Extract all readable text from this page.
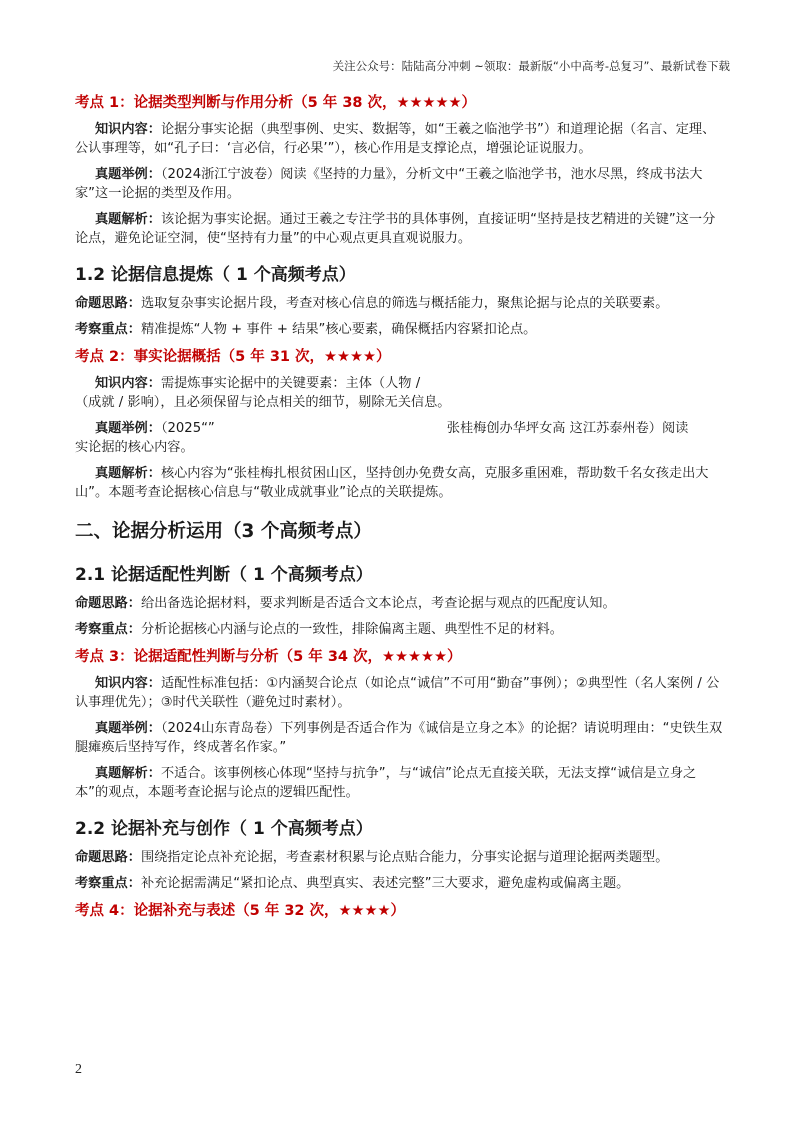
关注公众号：陆陆高分冲刺 ~领取：最新版“小中高考-总复习”、最新试卷下载

考点 1：论据类型判断与作用分析（5 年 38 次，★★★★★）

知识内容：论据分事实论据（典型事例、史实、数据等，如“王羲之临池学书”）和道理论据（名言、定理、公认事理等，如“孔子曰：‘言必信，行必果’”），核心作用是支撑论点，增强论证说服力。

真题举例：（2024浙江宁波卷）阅读《坚持的力量》，分析文中“王羲之临池学书，池水尽黑，终成书法大家”这一论据的类型及作用。

真题解析：该论据为事实论据。通过王羲之专注学书的具体事例，直接证明“坚持是技艺精进的关键”这一分论点，避免论证空洞，使“坚持有力量”的中心观点更具直观说服力。

1.2 论据信息提炼（ 1 个高频考点）

命题思路：选取复杂事实论据片段，考查对核心信息的筛选与概括能力，聚焦论据与论点的关联要素。

考察重点：精准提炼“人物 + 事件 + 结果”核心要素，确保概括内容紧扣论点。

考点 2：事实论据概括（5 年 31 次，★★★★）

知识内容：需提炼事实论据中的关键要素：主体（人物 /

（成就 / 影响），且必须保留与论点相关的细节，剔除无关信息。

真题举例：（2025“”	张桂梅创办华坪女高 这江苏泰州卷）阅读

实论据的核心内容。

真题解析：核心内容为“张桂梅扎根贫困山区，坚持创办免费女高，克服多重困难，帮助数千名女孩走出大山”。本题考查论据核心信息与“敬业成就事业”论点的关联提炼。

二、论据分析运用（3 个高频考点）

2.1 论据适配性判断（ 1 个高频考点）

命题思路：给出备选论据材料，要求判断是否适合文本论点，考查论据与观点的匹配度认知。

考察重点：分析论据核心内涵与论点的一致性，排除偏离主题、典型性不足的材料。

考点 3：论据适配性判断与分析（5 年 34 次，★★★★★）

知识内容：适配性标准包括：①内涵契合论点（如论点“诚信”不可用“勤奋”事例）；②典型性（名人案例 / 公认事理优先）；③时代关联性（避免过时素材）。

真题举例：（2024山东青岛卷）下列事例是否适合作为《诚信是立身之本》的论据？请说明理由：“史铁生双腿瘫痪后坚持写作，终成著名作家。”

真题解析：不适合。该事例核心体现“坚持与抗争”，与“诚信”论点无直接关联，无法支撑“诚信是立身之本”的观点，本题考查论据与论点的逻辑匹配性。

2.2 论据补充与创作（ 1 个高频考点）

命题思路：围绕指定论点补充论据，考查素材积累与论点贴合能力，分事实论据与道理论据两类题型。

考察重点：补充论据需满足“紧扣论点、典型真实、表述完整”三大要求，避免虚构或偏离主题。

考点 4：论据补充与表述（5 年 32 次，★★★★）

2
